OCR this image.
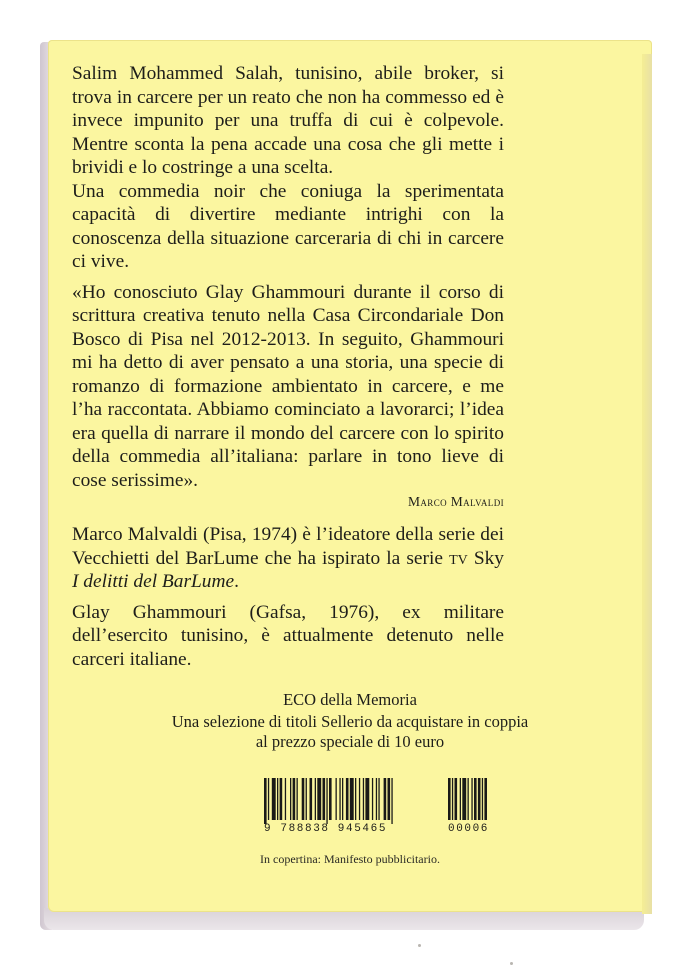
Salim Mohammed Salah, tunisino, abile broker, si trova in carcere per un reato che non ha commesso ed è invece impunito per una truffa di cui è colpevole. Mentre sconta la pena accade una cosa che gli mette i brividi e lo costringe a una scelta.

Una commedia noir che coniuga la sperimentata capacità di divertire mediante intrighi con la conoscenza della situazione carceraria di chi in carcere ci vive.

«Ho conosciuto Glay Ghammouri durante il corso di scrittura creativa tenuto nella Casa Circondariale Don Bosco di Pisa nel 2012-2013. In seguito, Ghammouri mi ha detto di aver pensato a una storia, una specie di romanzo di formazione ambientato in carcere, e me l’ha raccontata. Abbiamo cominciato a lavorarci; l’idea era quella di narrare il mondo del carcere con lo spirito della commedia all’italiana: parlare in tono lieve di cose serissime».

Marco Malvaldi

Marco Malvaldi (Pisa, 1974) è l’ideatore della serie dei Vecchietti del BarLume che ha ispirato la serie tv Sky I delitti del BarLume.

Glay Ghammouri (Gafsa, 1976), ex militare dell’esercito tunisino, è attualmente detenuto nelle carceri italiane.

ECO della Memoria
Una selezione di titoli Sellerio da acquistare in coppia
al prezzo speciale di 10 euro
9 788838 945465	00006
In copertina: Manifesto pubblicitario.
